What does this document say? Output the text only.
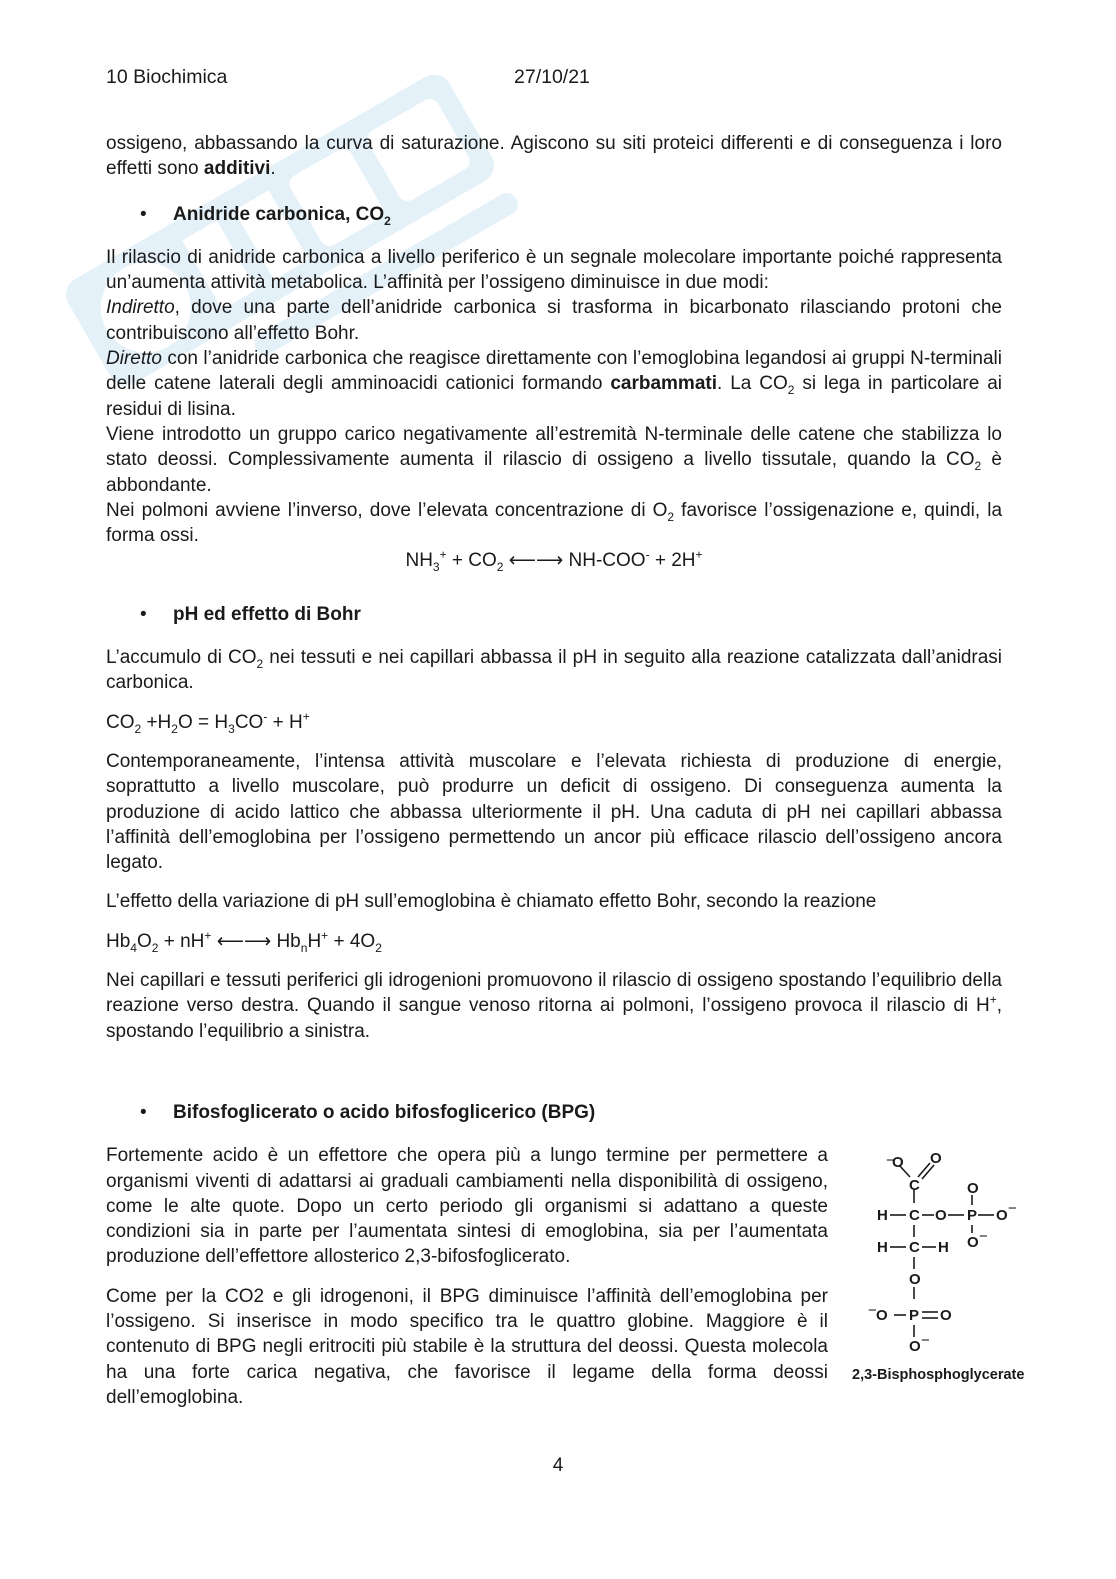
10 Biochimica	27/10/21

ossigeno, abbassando la curva di saturazione. Agiscono su siti proteici differenti e di conseguenza i loro effetti sono additivi.

• Anidride carbonica, $CO_2$

Il rilascio di anidride carbonica a livello periferico è un segnale molecolare importante poiché rappresenta un’aumenta attività metabolica. L’affinità per l’ossigeno diminuisce in due modi:

Indiretto, dove una parte dell’anidride carbonica si trasforma in bicarbonato rilasciando protoni che contribuiscono all’effetto Bohr.

Diretto con l’anidride carbonica che reagisce direttamente con l’emoglobina legandosi ai gruppi N-terminali delle catene laterali degli amminoacidi cationici formando carbammati. La $CO_2$ si lega in particolare ai residui di lisina.

Viene introdotto un gruppo carico negativamente all’estremità N-terminale delle catene che stabilizza lo stato deossi. Complessivamente aumenta il rilascio di ossigeno a livello tissutale, quando la $CO_2$ è abbondante.

Nei polmoni avviene l’inverso, dove l’elevata concentrazione di $O_2$ favorisce l’ossigenazione e, quindi, la forma ossi.

$NH_3^+ + CO_2$ ⟵⟶ NH-COO- + 2H+

• pH ed effetto di Bohr

L’accumulo di $CO_2$ nei tessuti e nei capillari abbassa il pH in seguito alla reazione catalizzata dall’anidrasi carbonica.

$CO_2 +H_2O = H_3CO^- + H^+$

Contemporaneamente, l’intensa attività muscolare e l’elevata richiesta di produzione di energie, soprattutto a livello muscolare, può produrre un deficit di ossigeno. Di conseguenza aumenta la produzione di acido lattico che abbassa ulteriormente il pH. Una caduta di pH nei capillari abbassa l’affinità dell’emoglobina per l’ossigeno permettendo un ancor più efficace rilascio dell’ossigeno ancora legato.

L’effetto della variazione di pH sull’emoglobina è chiamato effetto Bohr, secondo la reazione

$Hb_4O_2 + nH^+$ ⟵⟶ $Hb_nH^+ + 4O_2$

Nei capillari e tessuti periferici gli idrogenioni promuovono il rilascio di ossigeno spostando l’equilibrio della reazione verso destra. Quando il sangue venoso ritorna ai polmoni, l’ossigeno provoca il rilascio di H+, spostando l’equilibrio a sinistra.

• Bifosfoglicerato o acido bifosfoglicerico (BPG)

Fortemente acido è un effettore che opera più a lungo termine per permettere a organismi viventi di adattarsi ai graduali cambiamenti nella disponibilità di ossigeno, come le alte quote. Dopo un certo periodo gli organismi si adattano a queste condizioni sia in parte per l’aumentata sintesi di emoglobina, sia per l’aumentata produzione dell’effettore allosterico 2,3-bifosfoglicerato.

Come per la CO2 e gli idrogenoni, il BPG diminuisce l’affinità dell’emoglobina per l’ossigeno. Si inserisce in modo specifico tra le quattro globine. Maggiore è il contenuto di BPG negli eritrociti più stabile è la struttura del deossi. Questa molecola ha una forte carica negativa, che favorisce il legame della forma deossi dell’emoglobina.

−
O O
C	O
H C O P O −
H C H O −
O
− O P O
O −
2,3-Bisphosphoglycerate
4
